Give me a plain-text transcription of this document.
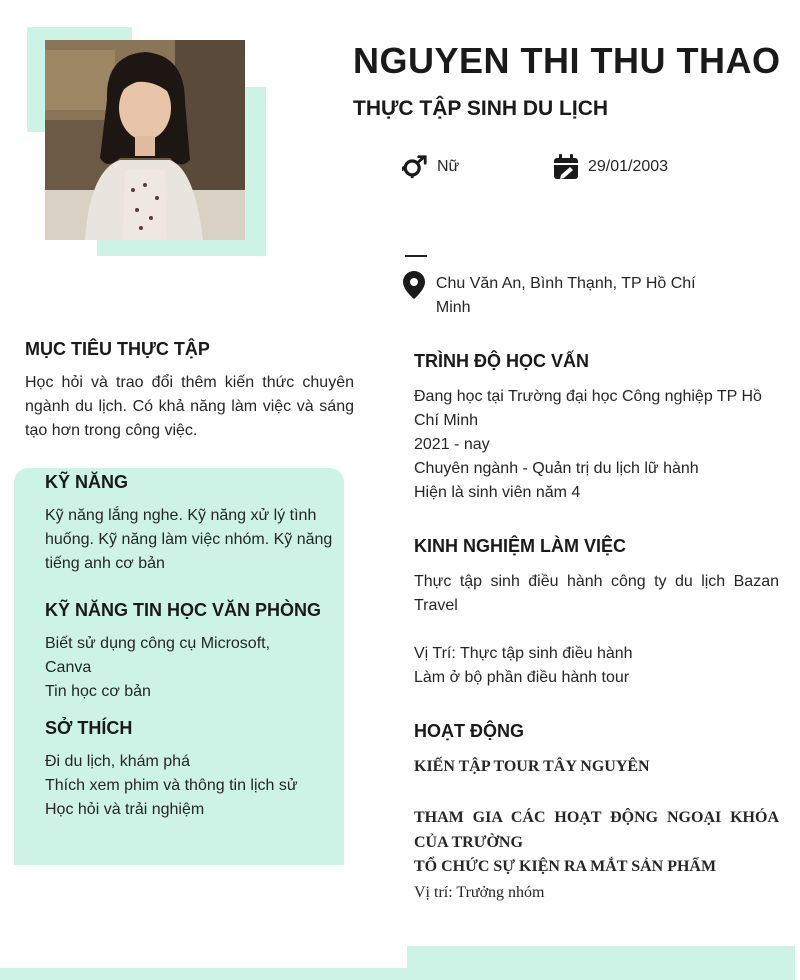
NGUYEN THI THU THAO
THỰC TẬP SINH DU LỊCH
Nữ	29/01/2003
Chu Văn An, Bình Thạnh, TP Hồ Chí Minh
MỤC TIÊU THỰC TẬP
Học hỏi và trao đổi thêm kiến thức chuyên ngành du lịch. Có khả năng làm việc và sáng tạo hơn trong công việc.
KỸ NĂNG
Kỹ năng lắng nghe. Kỹ năng xử lý tình huống. Kỹ năng làm việc nhóm. Kỹ năng tiếng anh cơ bản
KỸ NĂNG TIN HỌC VĂN PHÒNG
Biết sử dụng công cụ Microsoft, Canva
Tin học cơ bản
SỞ THÍCH
Đi du lịch, khám phá
Thích xem phim và thông tin lịch sử
Học hỏi và trải nghiệm
TRÌNH ĐỘ HỌC VẤN
Đang học tại Trường đại học Công nghiệp TP Hồ Chí Minh
2021 - nay
Chuyên ngành - Quản trị du lịch lữ hành
Hiện là sinh viên năm 4
KINH NGHIỆM LÀM VIỆC
Thực tập sinh điều hành công ty du lịch Bazan Travel
Vị Trí: Thực tập sinh điều hành
Làm ở bộ phần điều hành tour
HOẠT ĐỘNG
KIẾN TẬP TOUR TÂY NGUYÊN
THAM GIA CÁC HOẠT ĐỘNG NGOẠI KHÓA CỦA TRƯỜNG
TỔ CHỨC SỰ KIỆN RA MẮT SẢN PHẨM
Vị trí: Trưởng nhóm
